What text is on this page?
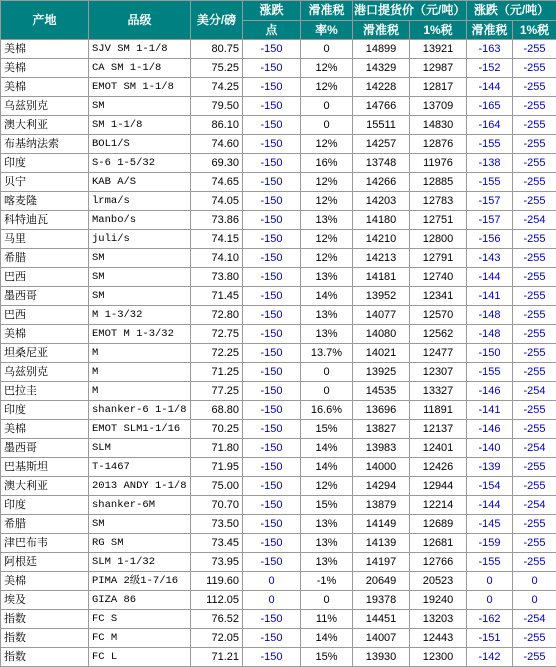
产地	品级	美分/磅	涨跌	滑准税	港口提货价（元/吨）		涨跌（元/吨）	
			点	率%	滑准税	1%税	滑准税	1%税
美棉	SJV SM 1-1/8	80.75	-150	0	14899	13921	-163	-255
美棉	CA SM 1-1/8	75.25	-150	12%	14329	12987	-152	-255
美棉	EMOT SM 1-1/8	74.25	-150	12%	14228	12817	-144	-255
乌兹别克	SM	79.50	-150	0	14766	13709	-165	-255
澳大利亚	SM 1-1/8	86.10	-150	0	15511	14830	-164	-255
布基纳法索	BOL1/S	74.60	-150	12%	14257	12876	-155	-255
印度	S-6 1-5/32	69.30	-150	16%	13748	11976	-138	-255
贝宁	KAB A/S	74.65	-150	12%	14266	12885	-155	-255
喀麦隆	lrma/s	74.05	-150	12%	14203	12783	-157	-255
科特迪瓦	Manbo/s	73.86	-150	13%	14180	12751	-157	-254
马里	juli/s	74.15	-150	12%	14210	12800	-156	-255
希腊	SM	74.10	-150	12%	14213	12791	-143	-255
巴西	SM	73.80	-150	13%	14181	12740	-144	-255
墨西哥	SM	71.45	-150	14%	13952	12341	-141	-255
巴西	M 1-3/32	72.80	-150	13%	14077	12570	-148	-255
美棉	EMOT M 1-3/32	72.75	-150	13%	14080	12562	-148	-255
坦桑尼亚	M	72.25	-150	13.7%	14021	12477	-150	-255
乌兹别克	M	71.25	-150	0	13925	12307	-155	-255
巴拉圭	M	77.25	-150	0	14535	13327	-146	-254
印度	shanker-6 1-1/8	68.80	-150	16.6%	13696	11891	-141	-255
美棉	EMOT SLM1-1/16	70.25	-150	15%	13827	12137	-146	-255
墨西哥	SLM	71.80	-150	14%	13983	12401	-140	-254
巴基斯坦	T-1467	71.95	-150	14%	14000	12426	-139	-255
澳大利亚	2013 ANDY 1-1/8	75.00	-150	12%	14294	12944	-154	-255
印度	shanker-6M	70.70	-150	15%	13879	12214	-144	-254
希腊	SM	73.50	-150	13%	14149	12689	-145	-255
津巴布韦	RG SM	73.45	-150	13%	14139	12681	-159	-255
阿根廷	SLM 1-1/32	73.95	-150	13%	14197	12766	-155	-255
美棉	PIMA 2级1-7/16	119.60	0	-1%	20649	20523	0	0
埃及	GIZA 86	112.05	0	0	19378	19240	0	0
指数	FC S	76.52	-150	11%	14451	13203	-162	-254
指数	FC M	72.05	-150	14%	14007	12443	-151	-255
指数	FC L	71.21	-150	15%	13930	12300	-142	-255
